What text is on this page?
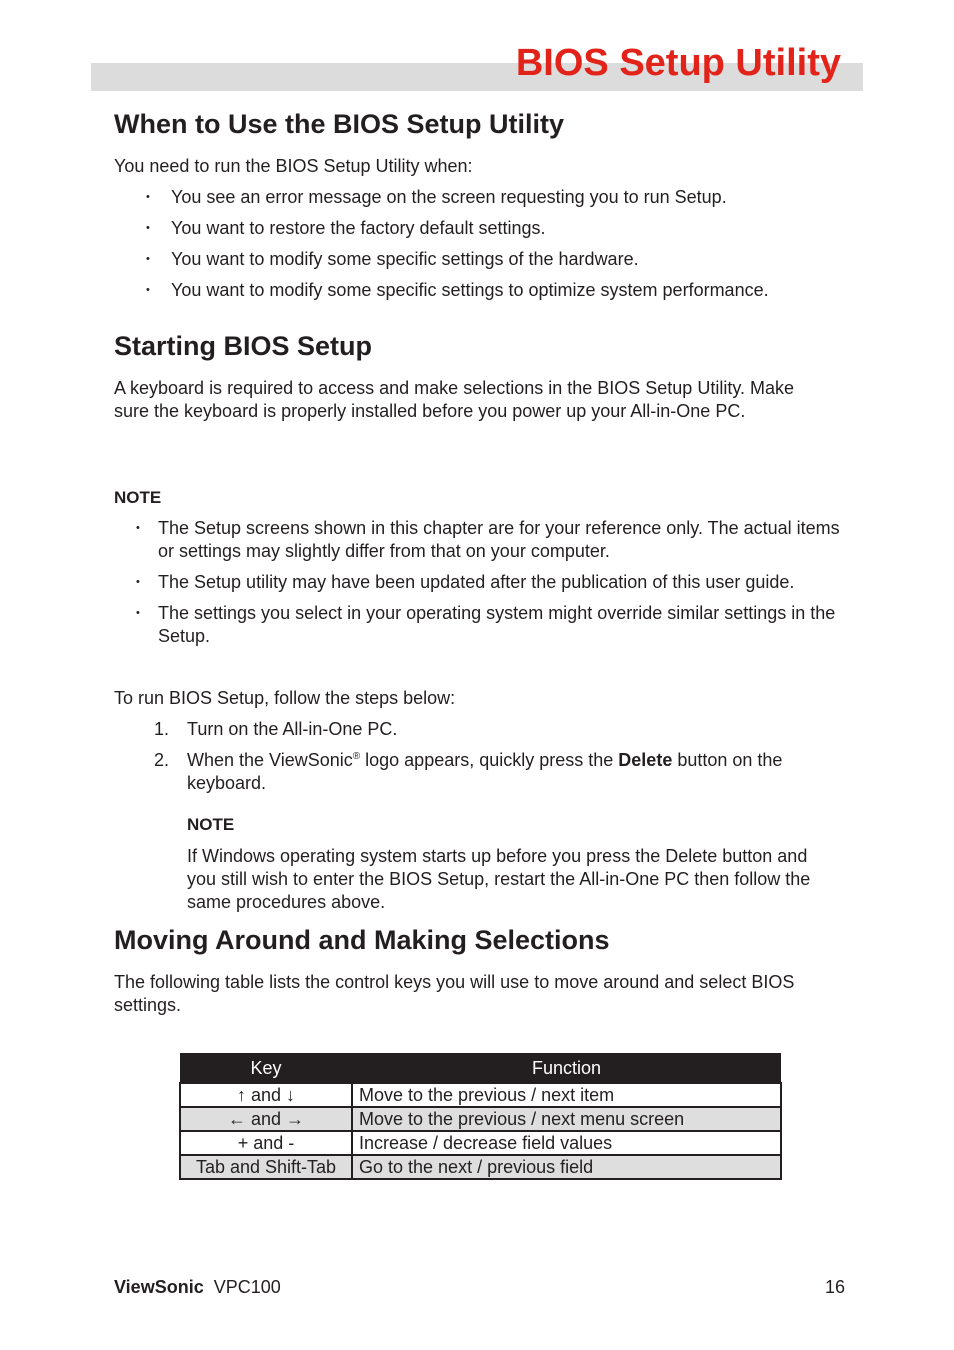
BIOS Setup Utility
When to Use the BIOS Setup Utility

You need to run the BIOS Setup Utility when:

• You see an error message on the screen requesting you to run Setup.
• You want to restore the factory default settings.
• You want to modify some specific settings of the hardware.
• You want to modify some specific settings to optimize system performance.
Starting BIOS Setup

A keyboard is required to access and make selections in the BIOS Setup Utility. Make sure the keyboard is properly installed before you power up your All-in-One PC.

NOTE
• The Setup screens shown in this chapter are for your reference only. The actual items or settings may slightly differ from that on your computer.
• The Setup utility may have been updated after the publication of this user guide.
• The settings you select in your operating system might override similar settings in the Setup.

To run BIOS Setup, follow the steps below:

1. Turn on the All-in-One PC.
2. When the ViewSonic® logo appears, quickly press the Delete button on the keyboard.
NOTE

If Windows operating system starts up before you press the Delete button and you still wish to enter the BIOS Setup, restart the All-in-One PC then follow the same procedures above.

Moving Around and Making Selections

The following table lists the control keys you will use to move around and select BIOS settings.

Key	Function
↑ and ↓	Move to the previous / next item
← and →	Move to the previous / next menu screen
+ and -	Increase / decrease field values
Tab and Shift-Tab	Go to the next / previous field
ViewSonic VPC100	16
